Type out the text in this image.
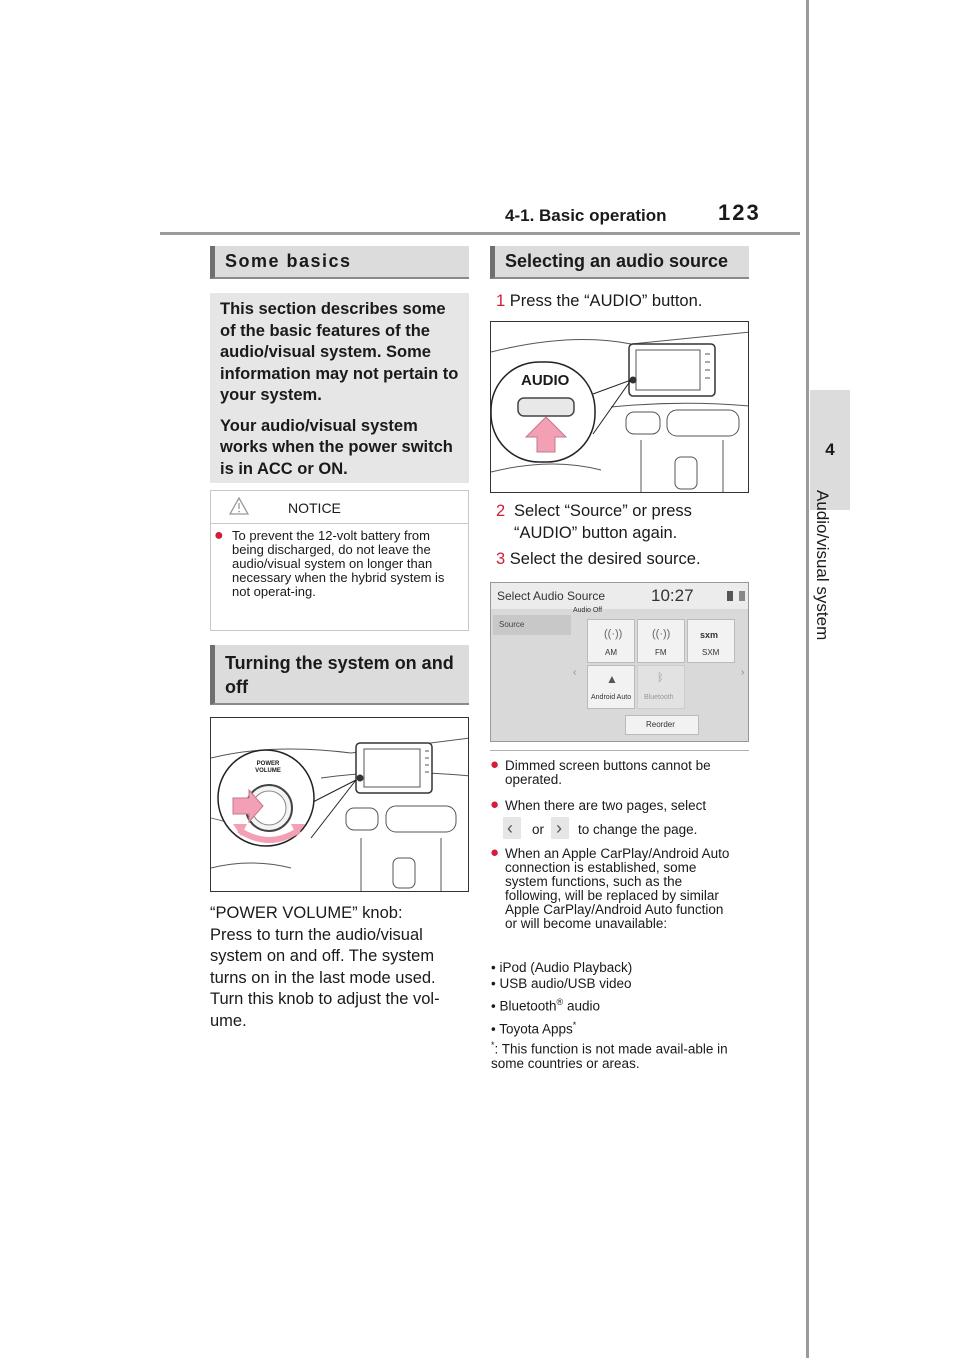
4-1. Basic operation 123
4
Audio/visual system
Some basics

This section describes some of the basic features of the audio/visual system. Some information may not pertain to your system.

Your audio/visual system works when the power switch is in ACC or ON.

NOTICE
● To prevent the 12-volt battery from being discharged, do not leave the audio/visual system on longer than necessary when the hybrid system is not operat-ing.
Turning the system on and off
POWER VOLUME
“POWER VOLUME” knob:
Press to turn the audio/visual system on and off. The system turns on in the last mode used. Turn this knob to adjust the vol-ume.
Selecting an audio source
1 Press the “AUDIO” button.
AUDIO
2 Select “Source” or press “AUDIO” button again.
3 Select the desired source.
Select Audio Source	10:27
Audio Off
Source
‹	›
((·))
AM
((·))
FM
sxm
SXM
▲
Android Auto
ᛒ
Bluetooth
Reorder
● Dimmed screen buttons cannot be operated.
● When there are two pages, select
‹ or › to change the page.
● When an Apple CarPlay/Android Auto connection is established, some system functions, such as the following, will be replaced by similar Apple CarPlay/Android Auto function or will become unavailable:
• iPod (Audio Playback)
• USB audio/USB video
• Bluetooth® audio
• Toyota Apps*
*: This function is not made avail-able in some countries or areas.
